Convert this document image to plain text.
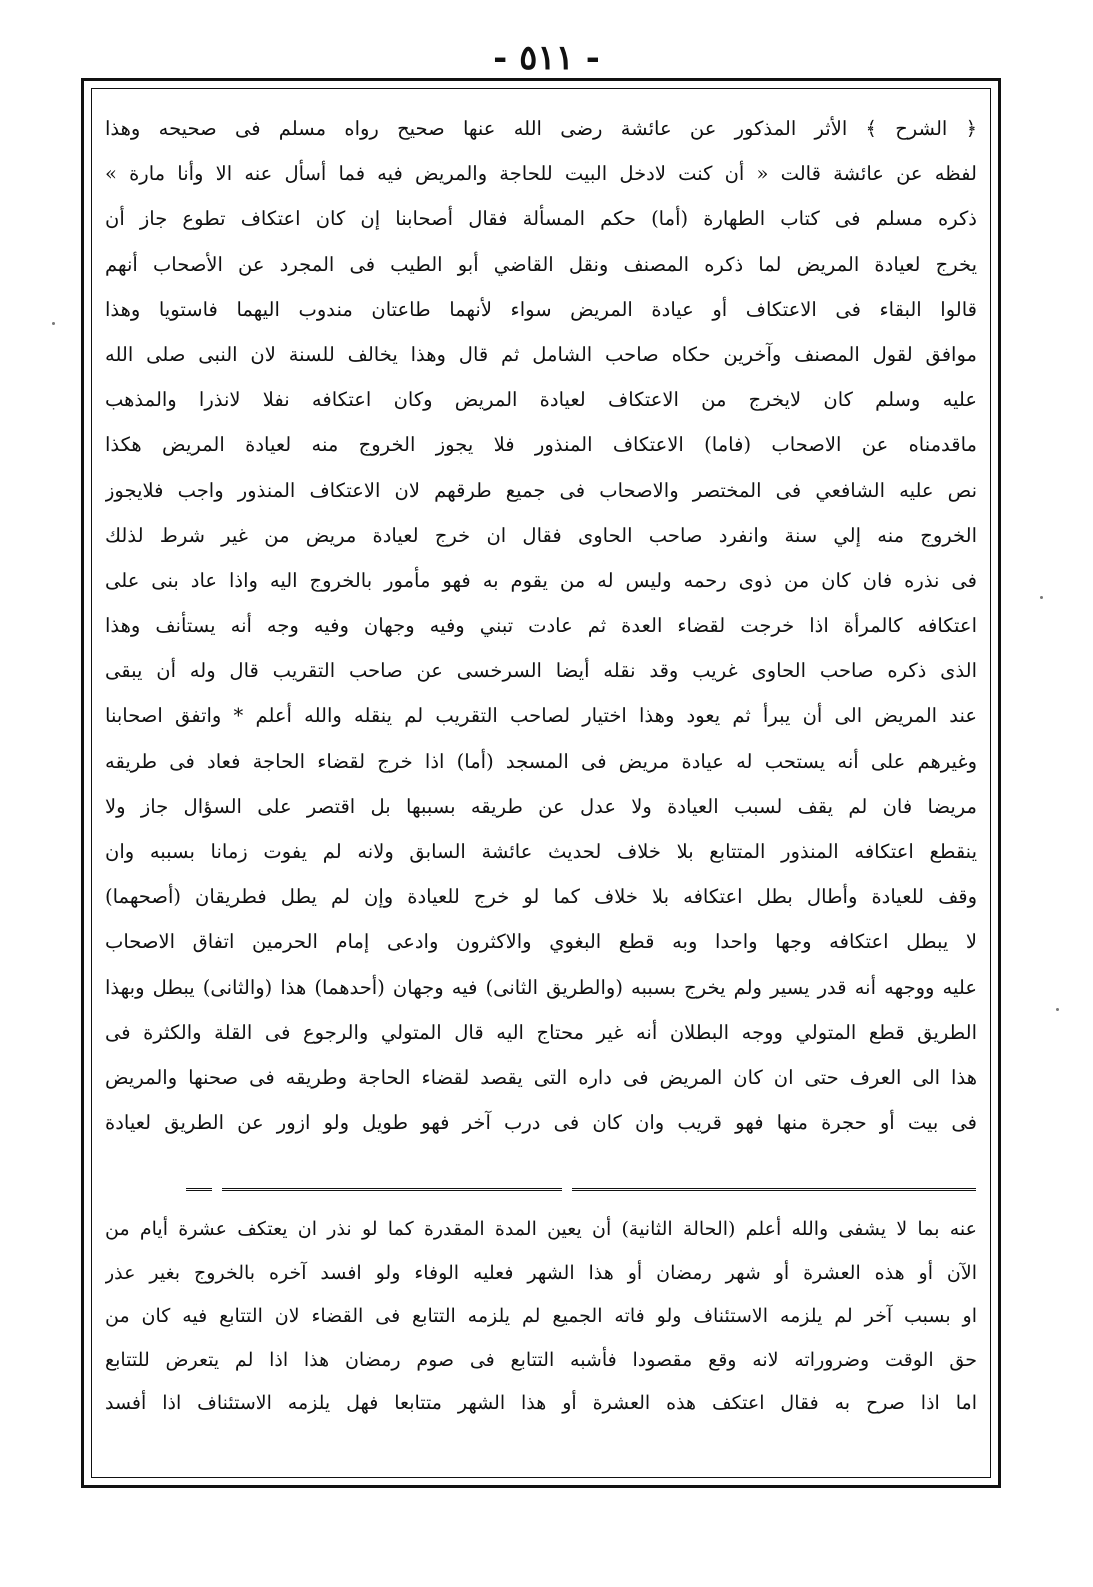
- ٥١١ -
﴿ الشرح ﴾ الأثر المذكور عن عائشة رضى الله عنها صحيح رواه مسلم فى صحيحه وهذا
لفظه عن عائشة قالت « أن كنت لادخل البيت للحاجة والمريض فيه فما أسأل عنه الا وأنا مارة »
ذكره مسلم فى كتاب الطهارة (أما) حكم المسألة فقال أصحابنا إن كان اعتكاف تطوع جاز أن
يخرج لعيادة المريض لما ذكره المصنف ونقل القاضي أبو الطيب فى المجرد عن الأصحاب أنهم
قالوا البقاء فى الاعتكاف أو عيادة المريض سواء لأنهما طاعتان مندوب اليهما فاستويا وهذا
موافق لقول المصنف وآخرين حكاه صاحب الشامل ثم قال وهذا يخالف للسنة لان النبى صلى الله
عليه وسلم كان لايخرج من الاعتكاف لعيادة المريض وكان اعتكافه نفلا لانذرا والمذهب
ماقدمناه عن الاصحاب (فاما) الاعتكاف المنذور فلا يجوز الخروج منه لعيادة المريض هكذا
نص عليه الشافعي فى المختصر والاصحاب فى جميع طرقهم لان الاعتكاف المنذور واجب فلايجوز
الخروج منه إلي سنة وانفرد صاحب الحاوى فقال ان خرج لعيادة مريض من غير شرط لذلك
فى نذره فان كان من ذوى رحمه وليس له من يقوم به فهو مأمور بالخروج اليه واذا عاد بنى على
اعتكافه كالمرأة اذا خرجت لقضاء العدة ثم عادت تبني وفيه وجهان وفيه وجه أنه يستأنف وهذا
الذى ذكره صاحب الحاوى غريب وقد نقله أيضا السرخسى عن صاحب التقريب قال وله أن يبقى
عند المريض الى أن يبرأ ثم يعود وهذا اختيار لصاحب التقريب لم ينقله والله أعلم * واتفق اصحابنا
وغيرهم على أنه يستحب له عيادة مريض فى المسجد (أما) اذا خرج لقضاء الحاجة فعاد فى طريقه
مريضا فان لم يقف لسبب العيادة ولا عدل عن طريقه بسببها بل اقتصر على السؤال جاز ولا
ينقطع اعتكافه المنذور المتتابع بلا خلاف لحديث عائشة السابق ولانه لم يفوت زمانا بسببه وان
وقف للعيادة وأطال بطل اعتكافه بلا خلاف كما لو خرج للعيادة وإن لم يطل فطريقان (أصحهما)
لا يبطل اعتكافه وجها واحدا وبه قطع البغوي والاكثرون وادعى إمام الحرمين اتفاق الاصحاب
عليه ووجهه أنه قدر يسير ولم يخرج بسببه (والطريق الثانى) فيه وجهان (أحدهما) هذا (والثانى) يبطل وبهذا
الطريق قطع المتولي ووجه البطلان أنه غير محتاج اليه قال المتولي والرجوع فى القلة والكثرة فى
هذا الى العرف حتى ان كان المريض فى داره التى يقصد لقضاء الحاجة وطريقه فى صحنها والمريض
فى بيت أو حجرة منها فهو قريب وان كان فى درب آخر فهو طويل ولو ازور عن الطريق لعيادة
عنه بما لا يشفى والله أعلم (الحالة الثانية) أن يعين المدة المقدرة كما لو نذر ان يعتكف عشرة أيام من
الآن أو هذه العشرة أو شهر رمضان أو هذا الشهر فعليه الوفاء ولو افسد آخره بالخروج بغير عذر
او بسبب آخر لم يلزمه الاستئناف ولو فاته الجميع لم يلزمه التتابع فى القضاء لان التتابع فيه كان من
حق الوقت وضروراته لانه وقع مقصودا فأشبه التتابع فى صوم رمضان هذا اذا لم يتعرض للتتابع
اما اذا صرح به فقال اعتكف هذه العشرة أو هذا الشهر متتابعا فهل يلزمه الاستئناف اذا أفسد
